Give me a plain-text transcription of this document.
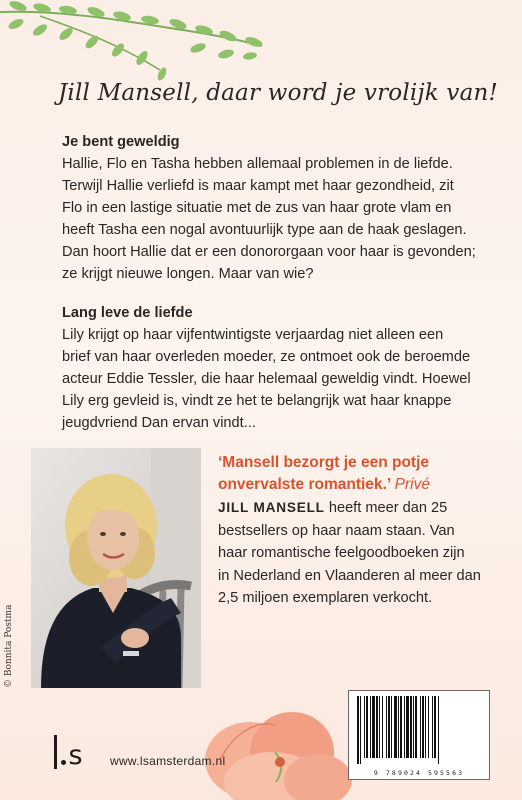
Jill Mansell, daar word je vrolijk van!
Je bent geweldig

Hallie, Flo en Tasha hebben allemaal problemen in de liefde.

Terwijl Hallie verliefd is maar kampt met haar gezondheid, zit

Flo in een lastige situatie met de zus van haar grote vlam en

heeft Tasha een nogal avontuurlijk type aan de haak geslagen.

Dan hoort Hallie dat er een donororgaan voor haar is gevonden;

ze krijgt nieuwe longen. Maar van wie?

Lang leve de liefde

Lily krijgt op haar vijfentwintigste verjaardag niet alleen een

brief van haar overleden moeder, ze ontmoet ook de beroemde

acteur Eddie Tessler, die haar helemaal geweldig vindt. Hoewel

Lily erg gevleid is, vindt ze het te belangrijk wat haar knappe

jeugdvriend Dan ervan vindt...

© Bonnita Postma
‘Mansell bezorgt je een potje
onvervalste romantiek.’ Privé
JILL MANSELL heeft meer dan 25
bestsellers op haar naam staan. Van
haar romantische feelgoodboeken zijn
in Nederland en Vlaanderen al meer dan
2,5 miljoen exemplaren verkocht.
s www.lsamsterdam.nl
9 789024 595563
